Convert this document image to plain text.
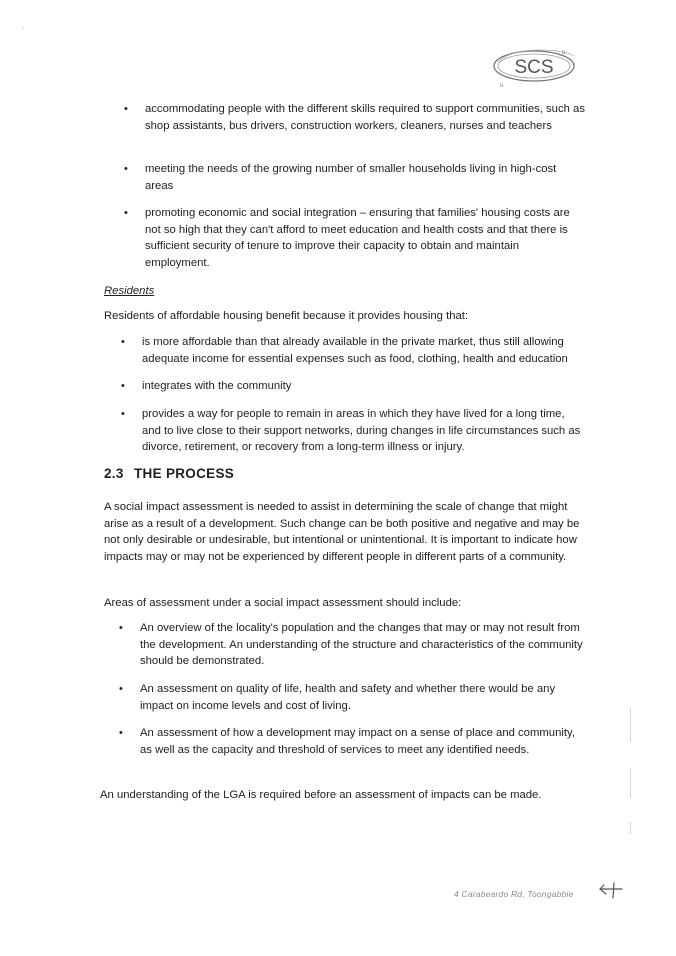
·
SCS
u
u
• accommodating people with the different skills required to support communities, such as shop assistants, bus drivers, construction workers, cleaners, nurses and teachers
• meeting the needs of the growing number of smaller households living in high-cost areas
• promoting economic and social integration – ensuring that families' housing costs are not so high that they can't afford to meet education and health costs and that there is sufficient security of tenure to improve their capacity to obtain and maintain employment.
Residents
Residents of affordable housing benefit because it provides housing that:
• is more affordable than that already available in the private market, thus still allowing adequate income for essential expenses such as food, clothing, health and education
• integrates with the community
• provides a way for people to remain in areas in which they have lived for a long time, and to live close to their support networks, during changes in life circumstances such as divorce, retirement, or recovery from a long-term illness or injury.
2.3 THE PROCESS
A social impact assessment is needed to assist in determining the scale of change that might arise as a result of a development. Such change can be both positive and negative and may be not only desirable or undesirable, but intentional or unintentional. It is important to indicate how impacts may or may not be experienced by different people in different parts of a community.
Areas of assessment under a social impact assessment should include:
• An overview of the locality's population and the changes that may or may not result from the development. An understanding of the structure and characteristics of the community should be demonstrated.
• An assessment on quality of life, health and safety and whether there would be any impact on income levels and cost of living.
• An assessment of how a development may impact on a sense of place and community, as well as the capacity and threshold of services to meet any identified needs.
An understanding of the LGA is required before an assessment of impacts can be made.
4 Carabeardo Rd, Toongabbie
